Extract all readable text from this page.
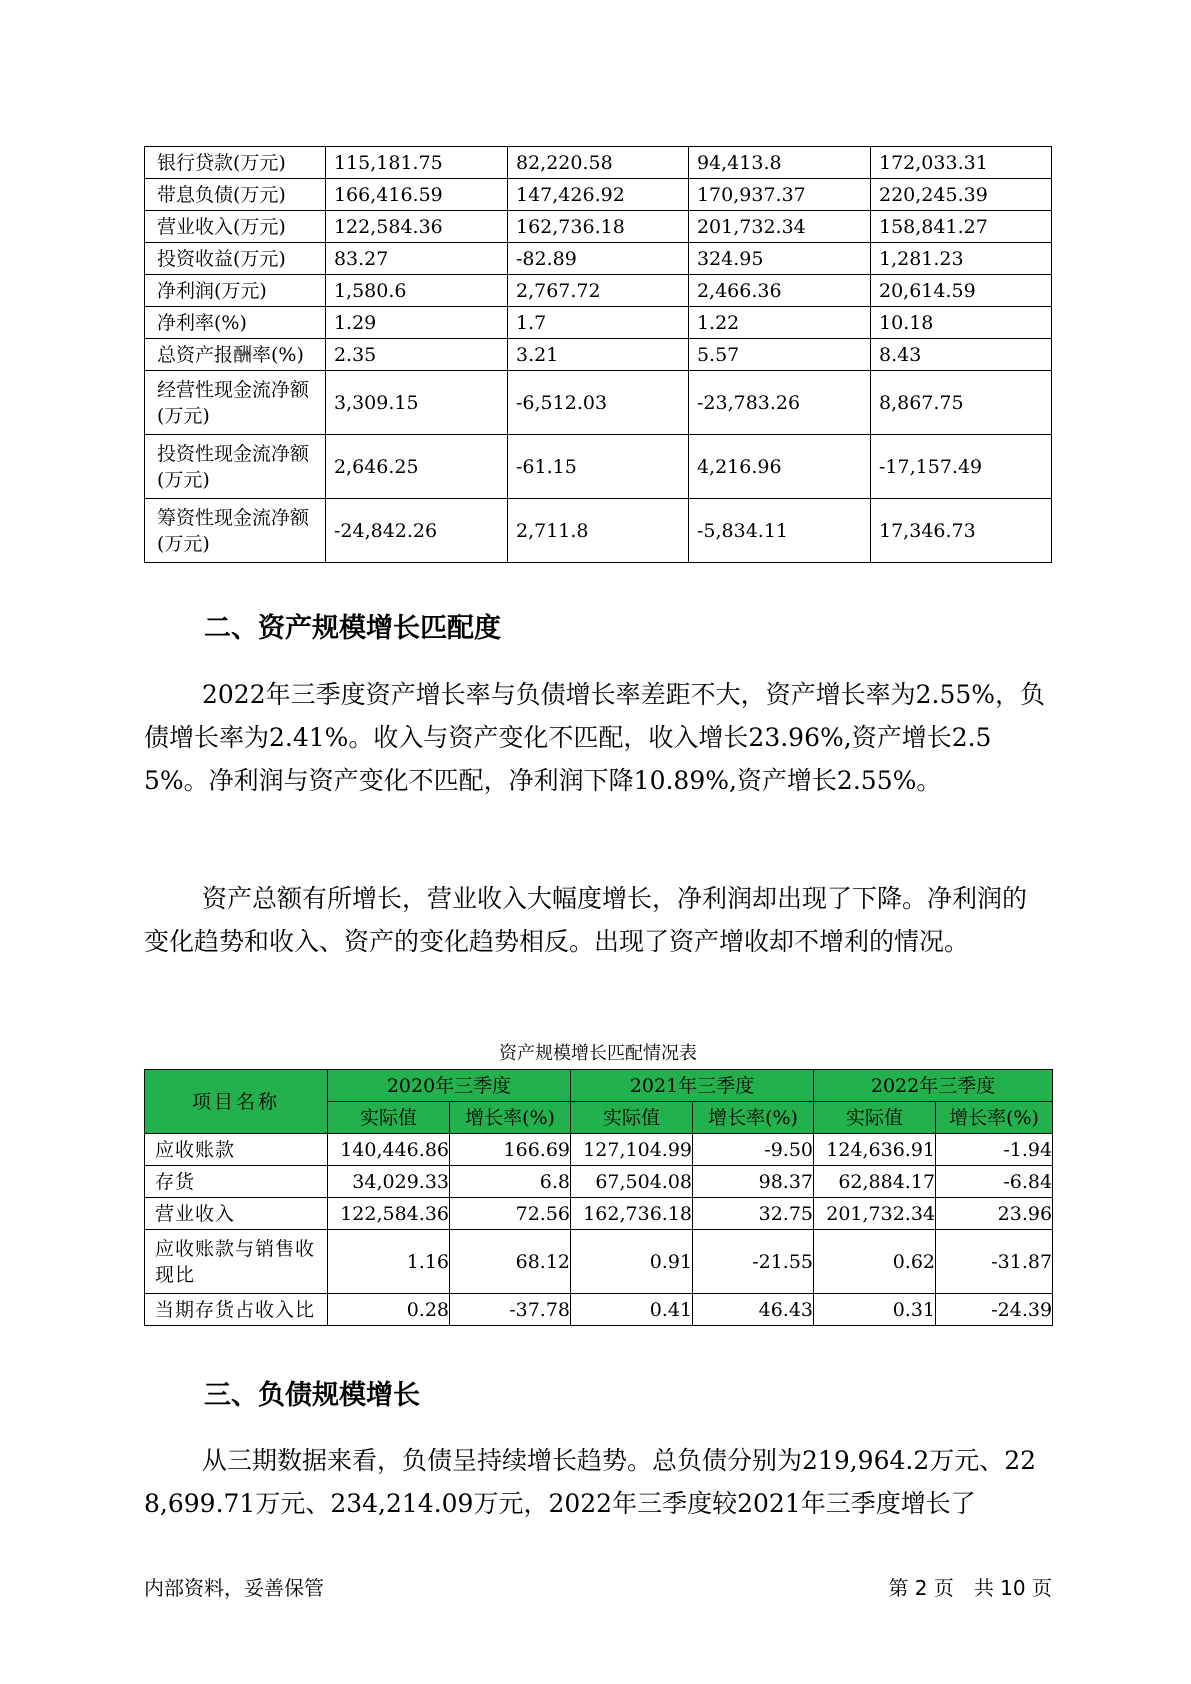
银行贷款(万元)	115,181.75	82,220.58	94,413.8	172,033.31
带息负债(万元)	166,416.59	147,426.92	170,937.37	220,245.39
营业收入(万元)	122,584.36	162,736.18	201,732.34	158,841.27
投资收益(万元)	83.27	-82.89	324.95	1,281.23
净利润(万元)	1,580.6	2,767.72	2,466.36	20,614.59
净利率(%)	1.29	1.7	1.22	10.18
总资产报酬率(%)	2.35	3.21	5.57	8.43
经营性现金流净额(万元)	3,309.15	-6,512.03	-23,783.26	8,867.75
投资性现金流净额(万元)	2,646.25	-61.15	4,216.96	-17,157.49
筹资性现金流净额(万元)	-24,842.26	2,711.8	-5,834.11	17,346.73
二、资产规模增长匹配度

2022年三季度资产增长率与负债增长率差距不大，资产增长率为2.55%，负债增长率为2.41%。收入与资产变化不匹配，收入增长23.96%,资产增长2.55%。净利润与资产变化不匹配，净利润下降10.89%,资产增长2.55%。

资产总额有所增长，营业收入大幅度增长，净利润却出现了下降。净利润的变化趋势和收入、资产的变化趋势相反。出现了资产增收却不增利的情况。

资产规模增长匹配情况表

项目名称	2020年三季度		2021年三季度		2022年三季度	
	实际值	增长率(%)	实际值	增长率(%)	实际值	增长率(%)
应收账款	140,446.86	166.69	127,104.99	-9.50	124,636.91	-1.94
存货	34,029.33	6.8	67,504.08	98.37	62,884.17	-6.84
营业收入	122,584.36	72.56	162,736.18	32.75	201,732.34	23.96
应收账款与销售收现比	1.16	68.12	0.91	-21.55	0.62	-31.87
当期存货占收入比	0.28	-37.78	0.41	46.43	0.31	-24.39
三、负债规模增长

从三期数据来看，负债呈持续增长趋势。总负债分别为219,964.2万元、228,699.71万元、234,214.09万元，2022年三季度较2021年三季度增长了

内部资料，妥善保管	第 2 页　共 10 页
